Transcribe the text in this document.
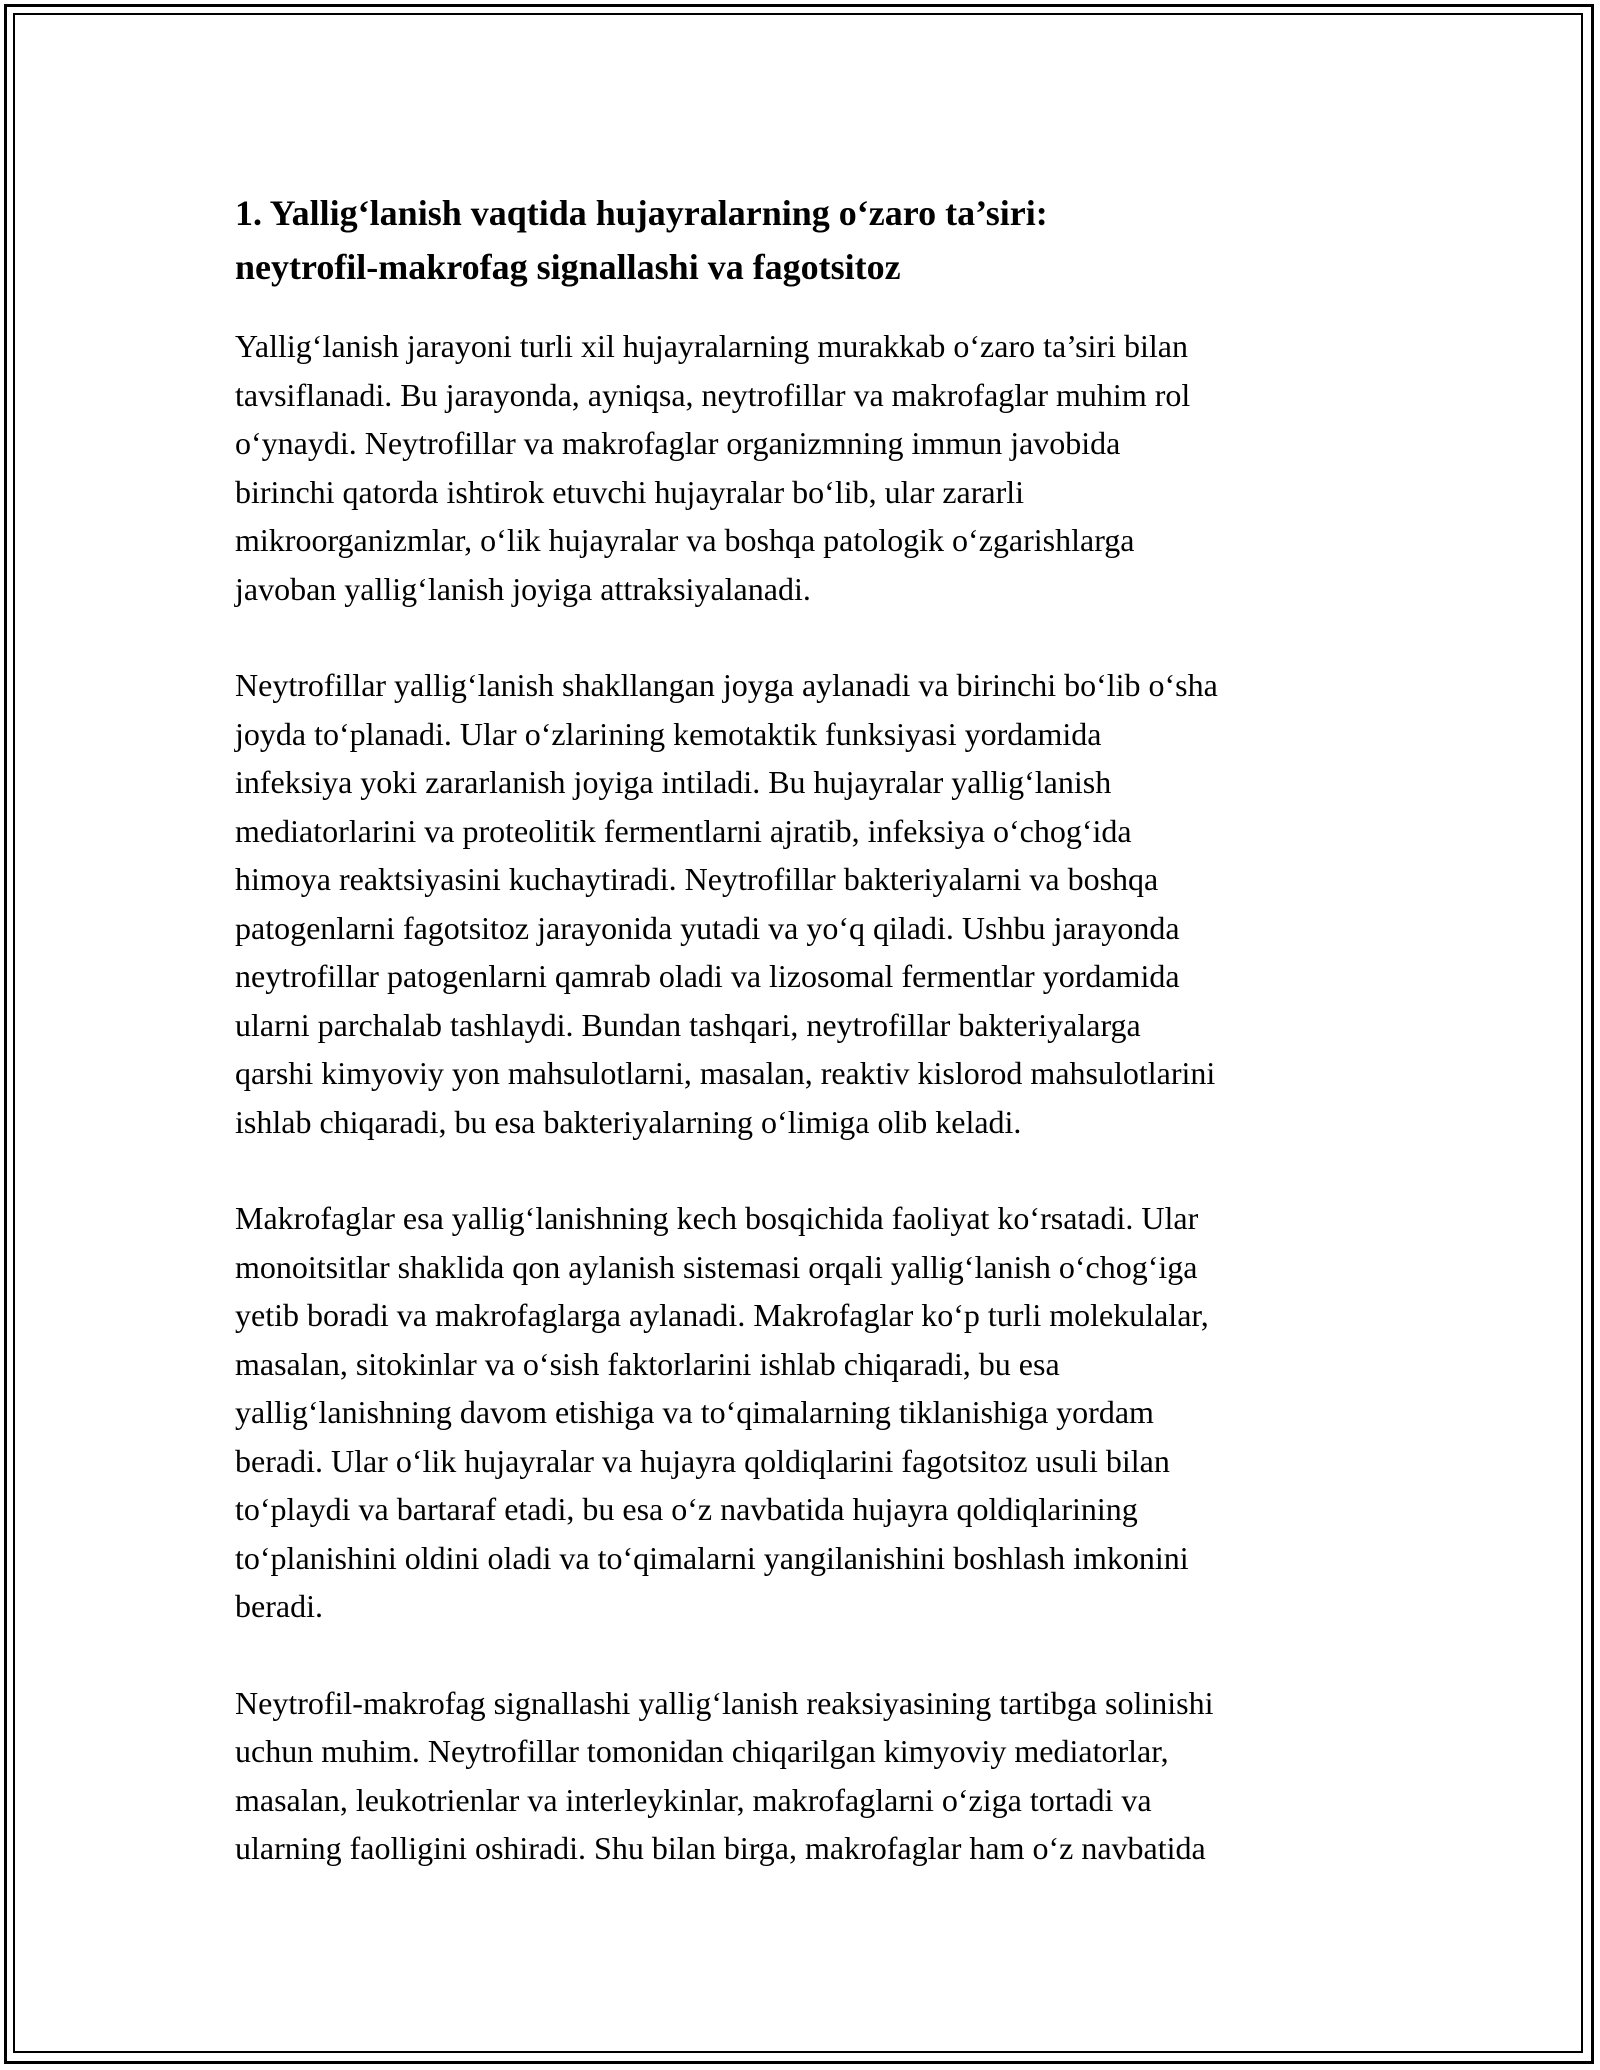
1. Yallig‘lanish vaqtida hujayralarning o‘zaro ta’siri:
neytrofil-makrofag signallashi va fagotsitoz

Yallig‘lanish jarayoni turli xil hujayralarning murakkab o‘zaro ta’siri bilan
tavsiflanadi. Bu jarayonda, ayniqsa, neytrofillar va makrofaglar muhim rol
o‘ynaydi. Neytrofillar va makrofaglar organizmning immun javobida
birinchi qatorda ishtirok etuvchi hujayralar bo‘lib, ular zararli
mikroorganizmlar, o‘lik hujayralar va boshqa patologik o‘zgarishlarga
javoban yallig‘lanish joyiga attraksiyalanadi.

Neytrofillar yallig‘lanish shakllangan joyga aylanadi va birinchi bo‘lib o‘sha
joyda to‘planadi. Ular o‘zlarining kemotaktik funksiyasi yordamida
infeksiya yoki zararlanish joyiga intiladi. Bu hujayralar yallig‘lanish
mediatorlarini va proteolitik fermentlarni ajratib, infeksiya o‘chog‘ida
himoya reaktsiyasini kuchaytiradi. Neytrofillar bakteriyalarni va boshqa
patogenlarni fagotsitoz jarayonida yutadi va yo‘q qiladi. Ushbu jarayonda
neytrofillar patogenlarni qamrab oladi va lizosomal fermentlar yordamida
ularni parchalab tashlaydi. Bundan tashqari, neytrofillar bakteriyalarga
qarshi kimyoviy yon mahsulotlarni, masalan, reaktiv kislorod mahsulotlarini
ishlab chiqaradi, bu esa bakteriyalarning o‘limiga olib keladi.

Makrofaglar esa yallig‘lanishning kech bosqichida faoliyat ko‘rsatadi. Ular
monoitsitlar shaklida qon aylanish sistemasi orqali yallig‘lanish o‘chog‘iga
yetib boradi va makrofaglarga aylanadi. Makrofaglar ko‘p turli molekulalar,
masalan, sitokinlar va o‘sish faktorlarini ishlab chiqaradi, bu esa
yallig‘lanishning davom etishiga va to‘qimalarning tiklanishiga yordam
beradi. Ular o‘lik hujayralar va hujayra qoldiqlarini fagotsitoz usuli bilan
to‘playdi va bartaraf etadi, bu esa o‘z navbatida hujayra qoldiqlarining
to‘planishini oldini oladi va to‘qimalarni yangilanishini boshlash imkonini
beradi.

Neytrofil-makrofag signallashi yallig‘lanish reaksiyasining tartibga solinishi
uchun muhim. Neytrofillar tomonidan chiqarilgan kimyoviy mediatorlar,
masalan, leukotrienlar va interleykinlar, makrofaglarni o‘ziga tortadi va
ularning faolligini oshiradi. Shu bilan birga, makrofaglar ham o‘z navbatida
